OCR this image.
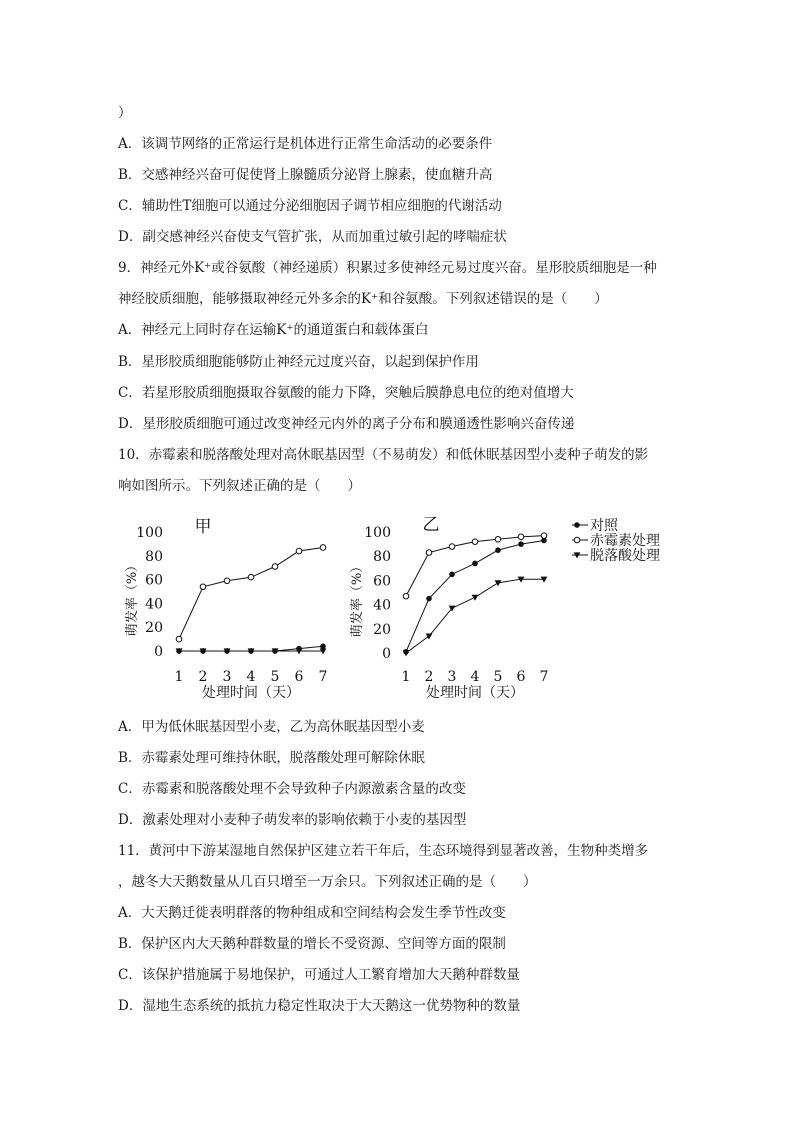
）
A．该调节网络的正常运行是机体进行正常生命活动的必要条件
B．交感神经兴奋可促使肾上腺髓质分泌肾上腺素，使血糖升高
C．辅助性T细胞可以通过分泌细胞因子调节相应细胞的代谢活动
D．副交感神经兴奋使支气管扩张，从而加重过敏引起的哮喘症状
9．神经元外K⁺或谷氨酸（神经递质）积累过多使神经元易过度兴奋。星形胶质细胞是一种
神经胶质细胞，能够摄取神经元外多余的K⁺和谷氨酸。下列叙述错误的是（　　）
A．神经元上同时存在运输K⁺的通道蛋白和载体蛋白
B．星形胶质细胞能够防止神经元过度兴奋，以起到保护作用
C．若星形胶质细胞摄取谷氨酸的能力下降，突触后膜静息电位的绝对值增大
D．星形胶质细胞可通过改变神经元内外的离子分布和膜通透性影响兴奋传递
10．赤霉素和脱落酸处理对高休眠基因型（不易萌发）和低休眠基因型小麦种子萌发的影
响如图所示。下列叙述正确的是（　　）
甲
0
20
40
60
80
100
1 2 3 4 5 6 7
萌发率（%）
处理时间（天）
乙
0
20
40
60
80
100
1 2 3 4 5 6 7
萌发率（%）
处理时间（天）
对照
赤霉素处理
脱落酸处理
A．甲为低休眠基因型小麦，乙为高休眠基因型小麦
B．赤霉素处理可维持休眠，脱落酸处理可解除休眠
C．赤霉素和脱落酸处理不会导致种子内源激素含量的改变
D．激素处理对小麦种子萌发率的影响依赖于小麦的基因型
11．黄河中下游某湿地自然保护区建立若干年后，生态环境得到显著改善，生物种类增多
，越冬大天鹅数量从几百只增至一万余只。下列叙述正确的是（　　）
A．大天鹅迁徙表明群落的物种组成和空间结构会发生季节性改变
B．保护区内大天鹅种群数量的增长不受资源、空间等方面的限制
C．该保护措施属于易地保护，可通过人工繁育增加大天鹅种群数量
D．湿地生态系统的抵抗力稳定性取决于大天鹅这一优势物种的数量
